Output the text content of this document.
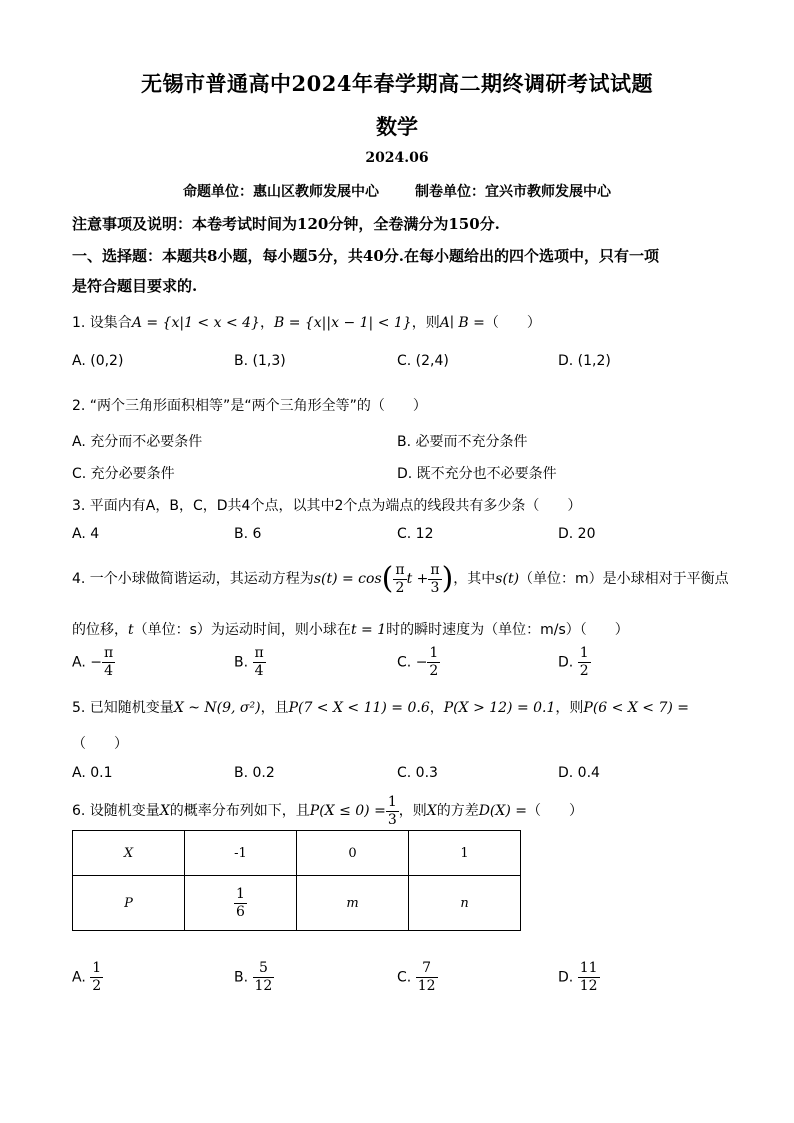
无锡市普通高中2024年春学期高二期终调研考试试题
数学
2024.06
命题单位：惠山区教师发展中心	制卷单位：宜兴市教师发展中心
注意事项及说明：本卷考试时间为120分钟，全卷满分为150分.
一、选择题：本题共8小题，每小题5分，共40分.在每小题给出的四个选项中，只有一项
是符合题目要求的.
1. 设集合A = {x|1 < x < 4}，B = {x||x − 1| < 1}，则A∣ B =（　　）
A. (0,2)	B. (1,3)	C. (2,4)	D. (1,2)
2. “两个三角形面积相等”是“两个三角形全等”的（　　）
A. 充分而不必要条件	B. 必要而不充分条件
C. 充分必要条件	D. 既不充分也不必要条件
3. 平面内有A，B，C，D共4个点，以其中2个点为端点的线段共有多少条（　　）
A. 4	B. 6	C. 12	D. 20
4. 一个小球做简谐运动，其运动方程为$s(t) = \cos( \frac{\pi}{2}$ $t + \frac{\pi}{3}$ )，其中s(t)（单位：m）是小球相对于平衡点
的位移，t（单位：s）为运动时间，则小球在t = 1时的瞬时速度为（单位：m/s）（　　）
A. − $\frac{\pi}{4}$	B. $\frac{\pi}{4}$	C. − $\frac{1}{2}$	D. $\frac{1}{2}$
5. 已知随机变量X ~ N(9, σ²)，且P(7 < X < 11) = 0.6，P(X > 12) = 0.1，则P(6 < X < 7) =
（　　）
A. 0.1	B. 0.2	C. 0.3	D. 0.4
6. 设随机变量X的概率分布列如下，且$P(X \le 0) = \frac{1}{3}$ ，则X的方差D(X) =（　　）
X	-1	0	1
P	$\frac{1}{6}$	m	n
A. $\frac{1}{2}$	B. $\frac{5}{12}$	C. $\frac{7}{12}$	D. $\frac{11}{12}$
